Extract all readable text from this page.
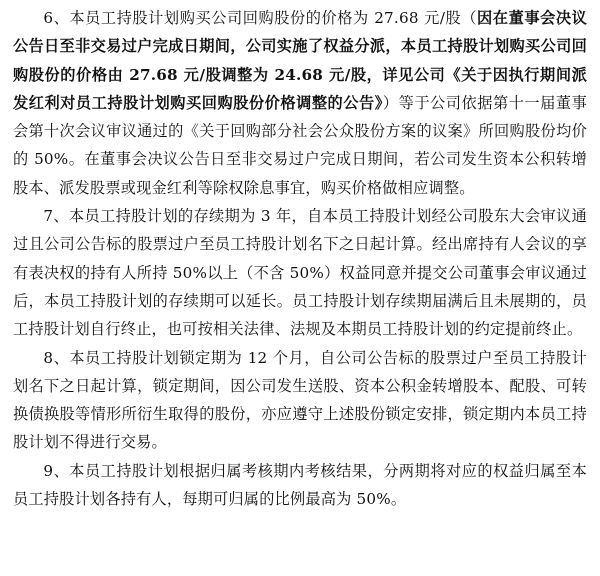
6、本员工持股计划购买公司回购股份的价格为 27.68 元/股（因在董事会决议公告日至非交易过户完成日期间，公司实施了权益分派，本员工持股计划购买公司回购股份的价格由 27.68 元/股调整为 24.68 元/股，详见公司《关于因执行期间派发红利对员工持股计划购买回购股份价格调整的公告》）等于公司依据第十一届董事会第十次会议审议通过的《关于回购部分社会公众股份方案的议案》所回购股份均价的 50%。在董事会决议公告日至非交易过户完成日期间，若公司发生资本公积转增股本、派发股票或现金红利等除权除息事宜，购买价格做相应调整。

7、本员工持股计划的存续期为 3 年，自本员工持股计划经公司股东大会审议通过且公司公告标的股票过户至员工持股计划名下之日起计算。经出席持有人会议的享有表决权的持有人所持 50%以上（不含 50%）权益同意并提交公司董事会审议通过后，本员工持股计划的存续期可以延长。员工持股计划存续期届满后且未展期的，员工持股计划自行终止，也可按相关法律、法规及本期员工持股计划的约定提前终止。

8、本员工持股计划锁定期为 12 个月，自公司公告标的股票过户至员工持股计划名下之日起计算，锁定期间，因公司发生送股、资本公积金转增股本、配股、可转换债换股等情形所衍生取得的股份，亦应遵守上述股份锁定安排，锁定期内本员工持股计划不得进行交易。

9、本员工持股计划根据归属考核期内考核结果，分两期将对应的权益归属至本员工持股计划各持有人，每期可归属的比例最高为 50%。
